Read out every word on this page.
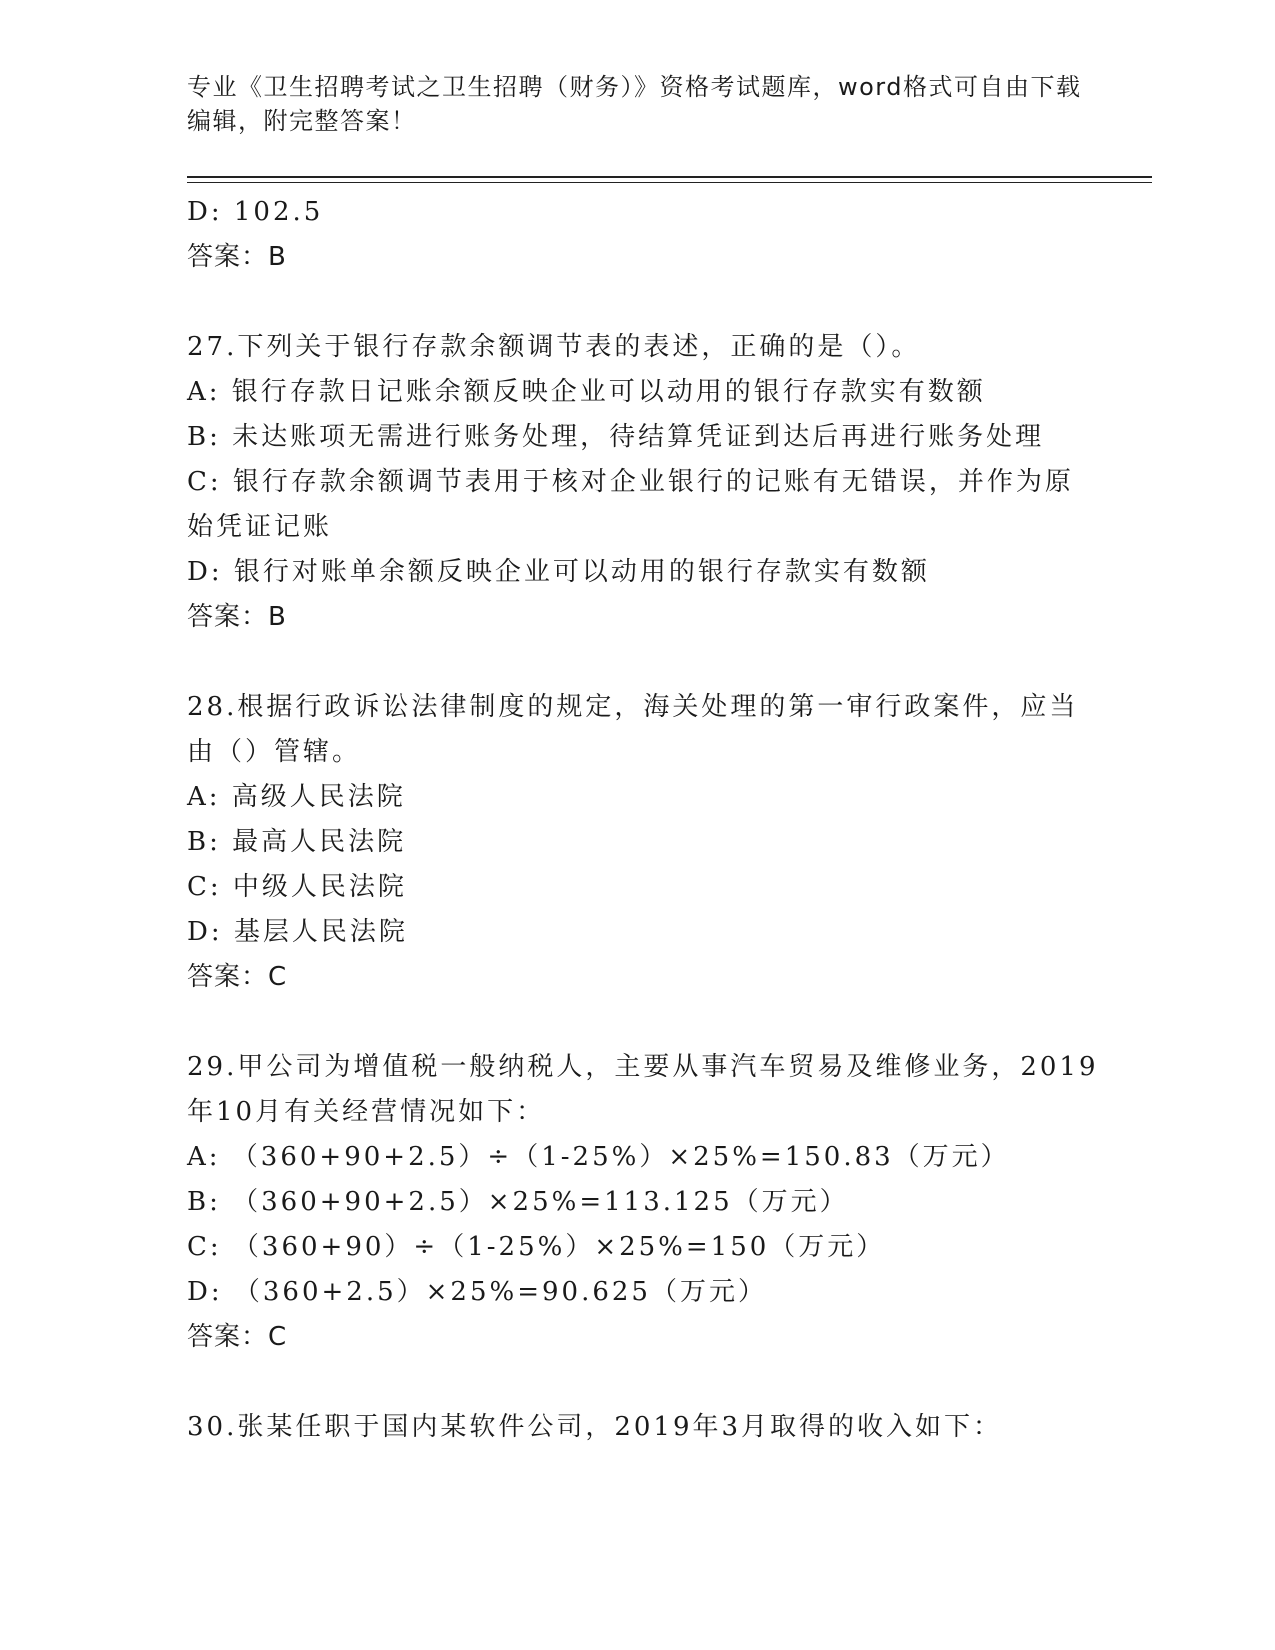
专业《卫生招聘考试之卫生招聘（财务）》资格考试题库，word格式可自由下载
编辑，附完整答案！
D: 102.5
答案：B
27.下列关于银行存款余额调节表的表述，正确的是（）。
A: 银行存款日记账余额反映企业可以动用的银行存款实有数额
B: 未达账项无需进行账务处理，待结算凭证到达后再进行账务处理
C: 银行存款余额调节表用于核对企业银行的记账有无错误，并作为原
始凭证记账
D: 银行对账单余额反映企业可以动用的银行存款实有数额
答案：B
28.根据行政诉讼法律制度的规定，海关处理的第一审行政案件，应当
由（）管辖。
A: 高级人民法院
B: 最高人民法院
C: 中级人民法院
D: 基层人民法院
答案：C
29.甲公司为增值税一般纳税人，主要从事汽车贸易及维修业务，2019
年10月有关经营情况如下：
A: （360+90+2.5）÷（1-25%）×25%=150.83（万元）
B: （360+90+2.5）×25%=113.125（万元）
C: （360+90）÷（1-25%）×25%=150（万元）
D: （360+2.5）×25%=90.625（万元）
答案：C
30.张某任职于国内某软件公司，2019年3月取得的收入如下：
